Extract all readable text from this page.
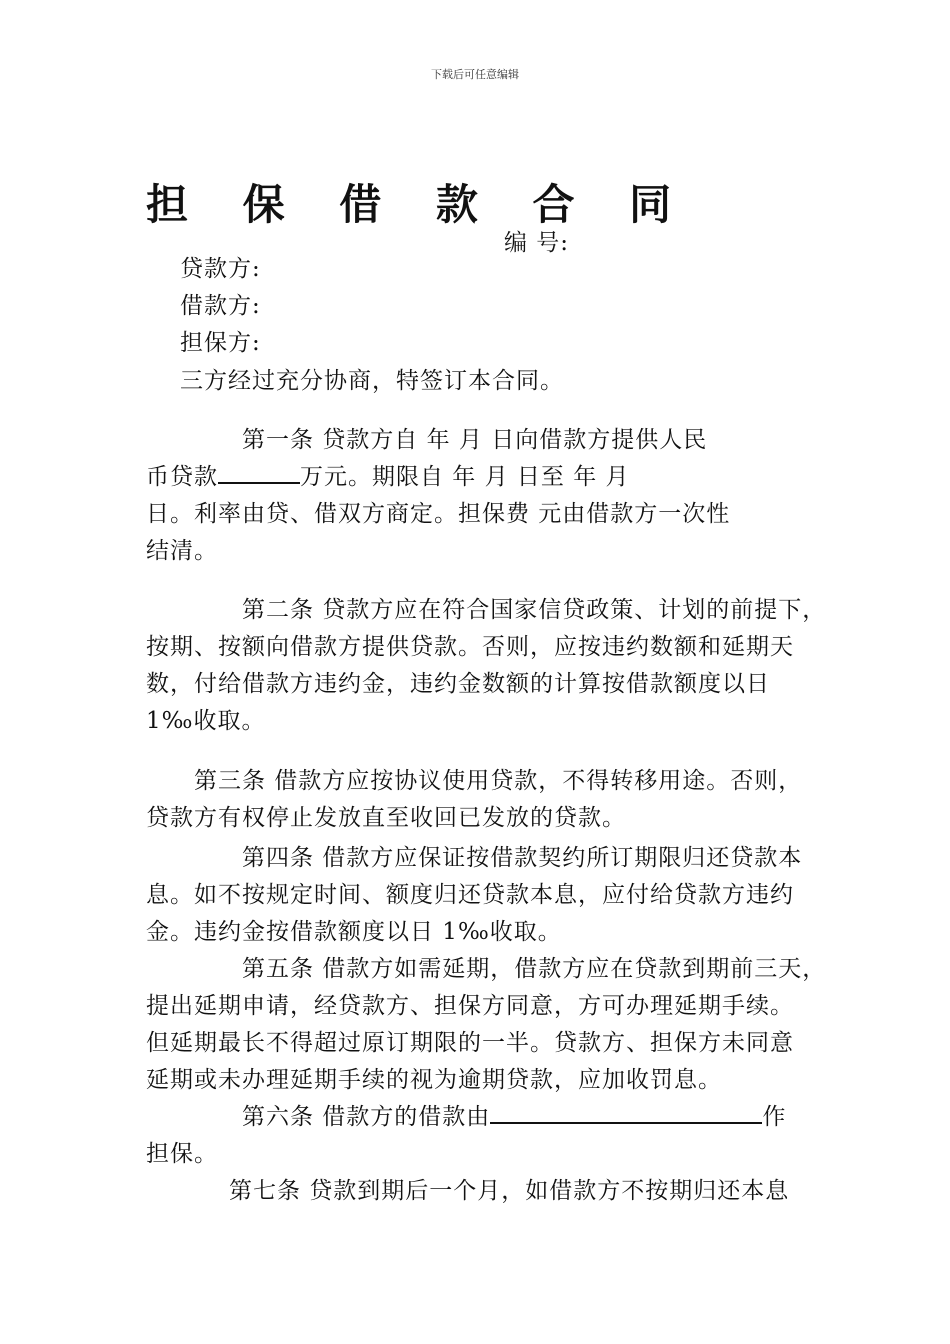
下载后可任意编辑
担 保 借 款 合 同
编 号:
贷款方:
借款方:
担保方:
三方经过充分协商，特签订本合同。
第一条 贷款方自 年 月 日向借款方提供人民
币贷款	万元。期限自 年 月 日至 年 月
日。利率由贷、借双方商定。担保费 元由借款方一次性
结清。
第二条 贷款方应在符合国家信贷政策、计划的前提下，
按期、按额向借款方提供贷款。否则，应按违约数额和延期天
数，付给借款方违约金，违约金数额的计算按借款额度以日
1‰收取。
第三条 借款方应按协议使用贷款，不得转移用途。否则，
贷款方有权停止发放直至收回已发放的贷款。
第四条 借款方应保证按借款契约所订期限归还贷款本
息。如不按规定时间、额度归还贷款本息，应付给贷款方违约
金。违约金按借款额度以日 1‰收取。
第五条 借款方如需延期，借款方应在贷款到期前三天，
提出延期申请，经贷款方、担保方同意，方可办理延期手续。
但延期最长不得超过原订期限的一半。贷款方、担保方未同意
延期或未办理延期手续的视为逾期贷款，应加收罚息。
第六条 借款方的借款由	作
担保。
第七条 贷款到期后一个月，如借款方不按期归还本息
